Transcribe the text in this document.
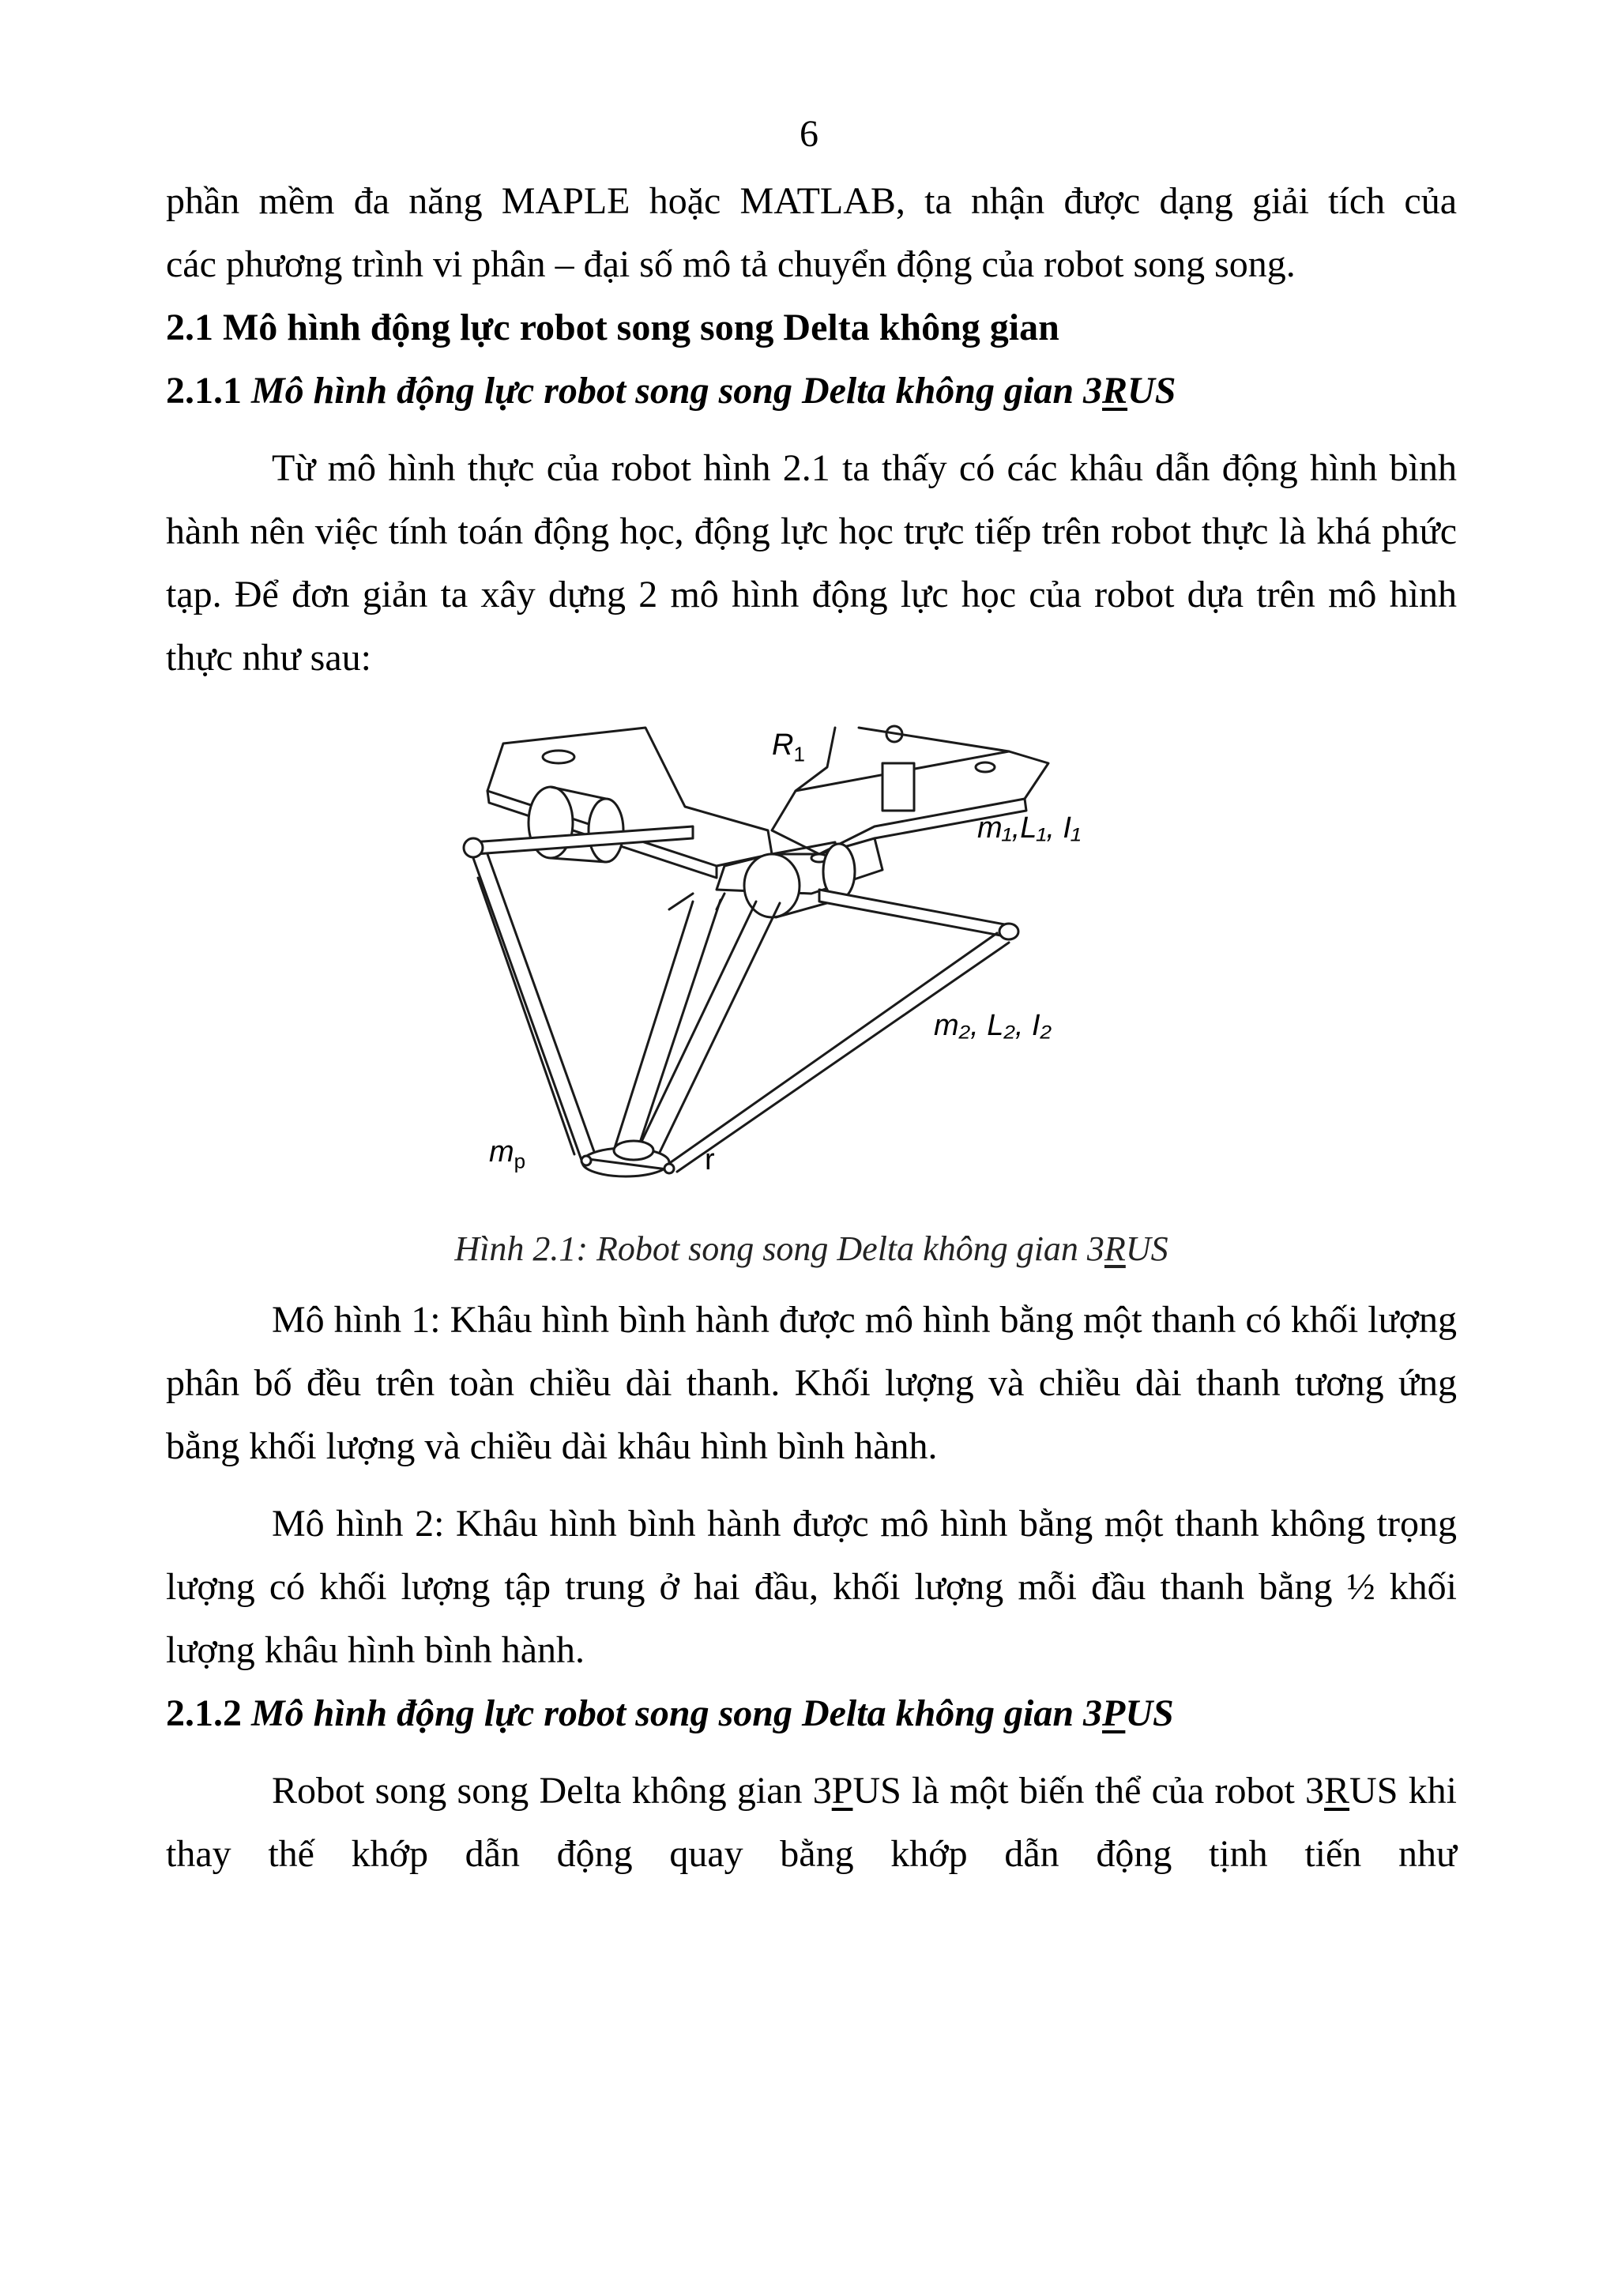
6

phần mềm đa năng MAPLE hoặc MATLAB, ta nhận được dạng giải tích của

các phương trình vi phân – đại số mô tả chuyển động của robot song song.

2.1 Mô hình động lực robot song song Delta không gian
2.1.1 Mô hình động lực robot song song Delta không gian 3RUS

Từ mô hình thực của robot hình 2.1 ta thấy có các khâu dẫn động hình bình hành nên việc tính toán động học, động lực học trực tiếp trên robot thực là khá phức tạp. Để đơn giản ta xây dựng 2 mô hình động lực học của robot dựa trên mô hình thực như sau:

$R_1$
m₁,L₁, I₁
m₂, L₂, I₂
$m_p$	r
Hình 2.1: Robot song song Delta không gian 3RUS

Mô hình 1: Khâu hình bình hành được mô hình bằng một thanh có khối lượng phân bố đều trên toàn chiều dài thanh. Khối lượng và chiều dài thanh tương ứng bằng khối lượng và chiều dài khâu hình bình hành.

Mô hình 2: Khâu hình bình hành được mô hình bằng một thanh không trọng lượng có khối lượng tập trung ở hai đầu, khối lượng mỗi đầu thanh bằng ½ khối lượng khâu hình bình hành.

2.1.2 Mô hình động lực robot song song Delta không gian 3PUS

Robot song song Delta không gian 3PUS là một biến thể của robot 3RUS khi thay thế khớp dẫn động quay bằng khớp dẫn động tịnh tiến như
